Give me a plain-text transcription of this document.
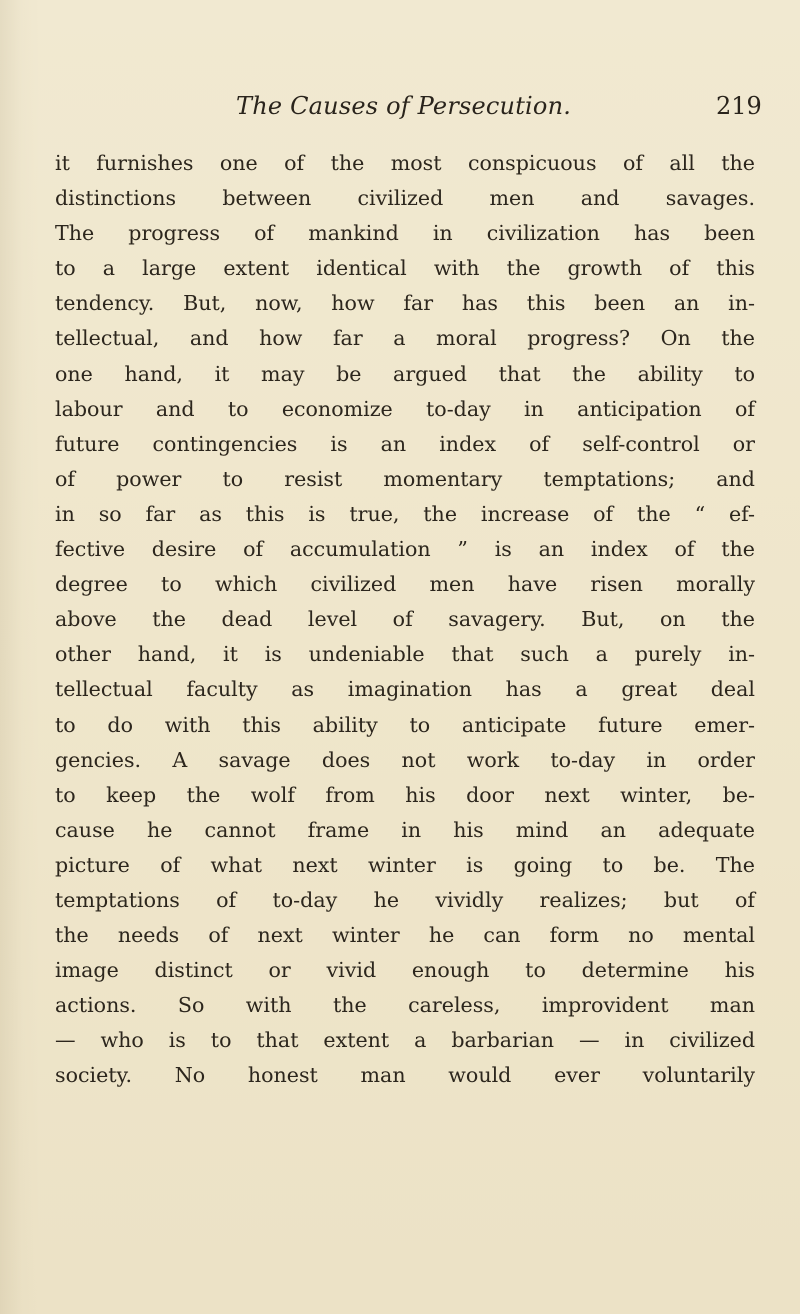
The Causes of Persecution.	219
it furnishes one of the most conspicuous of all the
distinctions between civilized men and savages.
The progress of mankind in civilization has been
to a large extent identical with the growth of this
tendency. But, now, how far has this been an in-
tellectual, and how far a moral progress? On the
one hand, it may be argued that the ability to
labour and to economize to-day in anticipation of
future contingencies is an index of self-control or
of power to resist momentary temptations; and
in so far as this is true, the increase of the “ ef-
fective desire of accumulation ” is an index of the
degree to which civilized men have risen morally
above the dead level of savagery. But, on the
other hand, it is undeniable that such a purely in-
tellectual faculty as imagination has a great deal
to do with this ability to anticipate future emer-
gencies. A savage does not work to-day in order
to keep the wolf from his door next winter, be-
cause he cannot frame in his mind an adequate
picture of what next winter is going to be. The
temptations of to-day he vividly realizes; but of
the needs of next winter he can form no mental
image distinct or vivid enough to determine his
actions. So with the careless, improvident man
— who is to that extent a barbarian — in civilized
society. No honest man would ever voluntarily
